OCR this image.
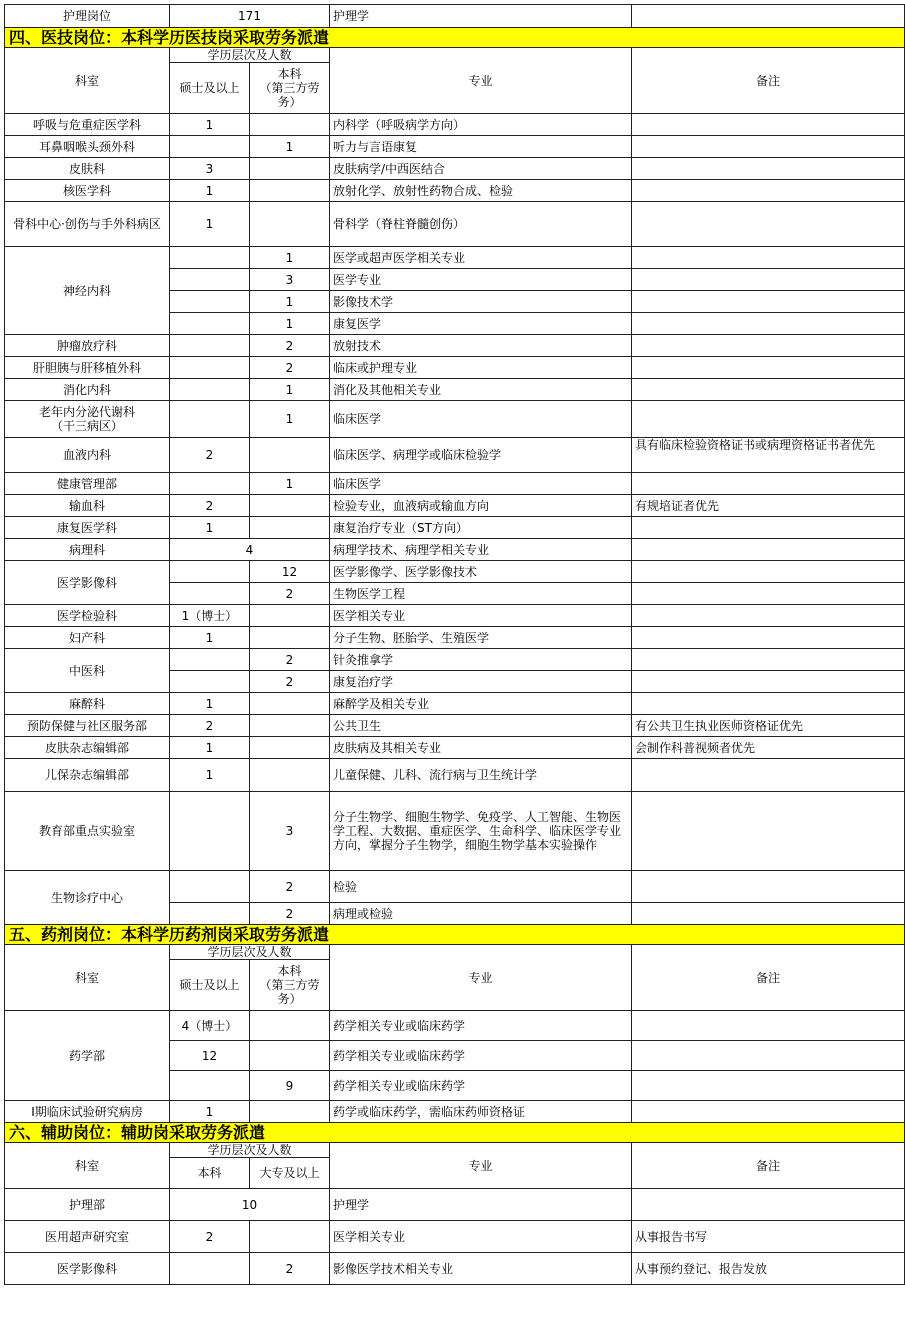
护理岗位	171		护理学	
四、医技岗位：本科学历医技岗采取劳务派遣				
科室	学历层次及人数		专业	备注
	硕士及以上	本科
（第三方劳
务）		
呼吸与危重症医学科	1		内科学（呼吸病学方向）	
耳鼻咽喉头颈外科		1	听力与言语康复	
皮肤科	3		皮肤病学/中西医结合	
核医学科	1		放射化学、放射性药物合成、检验	
骨科中心·创伤与手外科病区	1		骨科学（脊柱脊髓创伤）	
神经内科		1	医学或超声医学相关专业	
		3	医学专业	
		1	影像技术学	
		1	康复医学	
肿瘤放疗科		2	放射技术	
肝胆胰与肝移植外科		2	临床或护理专业	
消化内科		1	消化及其他相关专业	
老年内分泌代谢科
（干三病区）		1	临床医学	
血液内科	2		临床医学、病理学或临床检验学	具有临床检验资格证书或病理资格证书者优先
健康管理部		1	临床医学	
输血科	2		检验专业，血液病或输血方向	有规培证者优先
康复医学科	1		康复治疗专业（ST方向）	
病理科	4		病理学技术、病理学相关专业	
医学影像科		12	医学影像学、医学影像技术	
		2	生物医学工程	
医学检验科	1（博士）		医学相关专业	
妇产科	1		分子生物、胚胎学、生殖医学	
中医科		2	针灸推拿学	
		2	康复治疗学	
麻醉科	1		麻醉学及相关专业	
预防保健与社区服务部	2		公共卫生	有公共卫生执业医师资格证优先
皮肤杂志编辑部	1		皮肤病及其相关专业	会制作科普视频者优先
儿保杂志编辑部	1		儿童保健、儿科、流行病与卫生统计学	
教育部重点实验室		3	分子生物学、细胞生物学、免疫学、人工智能、生物医学工程、大数据、重症医学、生命科学、临床医学专业方向，掌握分子生物学，细胞生物学基本实验操作	
生物诊疗中心		2	检验	
		2	病理或检验	
五、药剂岗位：本科学历药剂岗采取劳务派遣				
科室	学历层次及人数		专业	备注
	硕士及以上	本科
（第三方劳
务）		
药学部	4（博士）		药学相关专业或临床药学	
	12		药学相关专业或临床药学	
		9	药学相关专业或临床药学	
Ⅰ期临床试验研究病房	1		药学或临床药学，需临床药师资格证	
六、辅助岗位：辅助岗采取劳务派遣				
科室	学历层次及人数		专业	备注
	本科	大专及以上		
护理部	10		护理学	
医用超声研究室	2		医学相关专业	从事报告书写
医学影像科		2	影像医学技术相关专业	从事预约登记、报告发放
